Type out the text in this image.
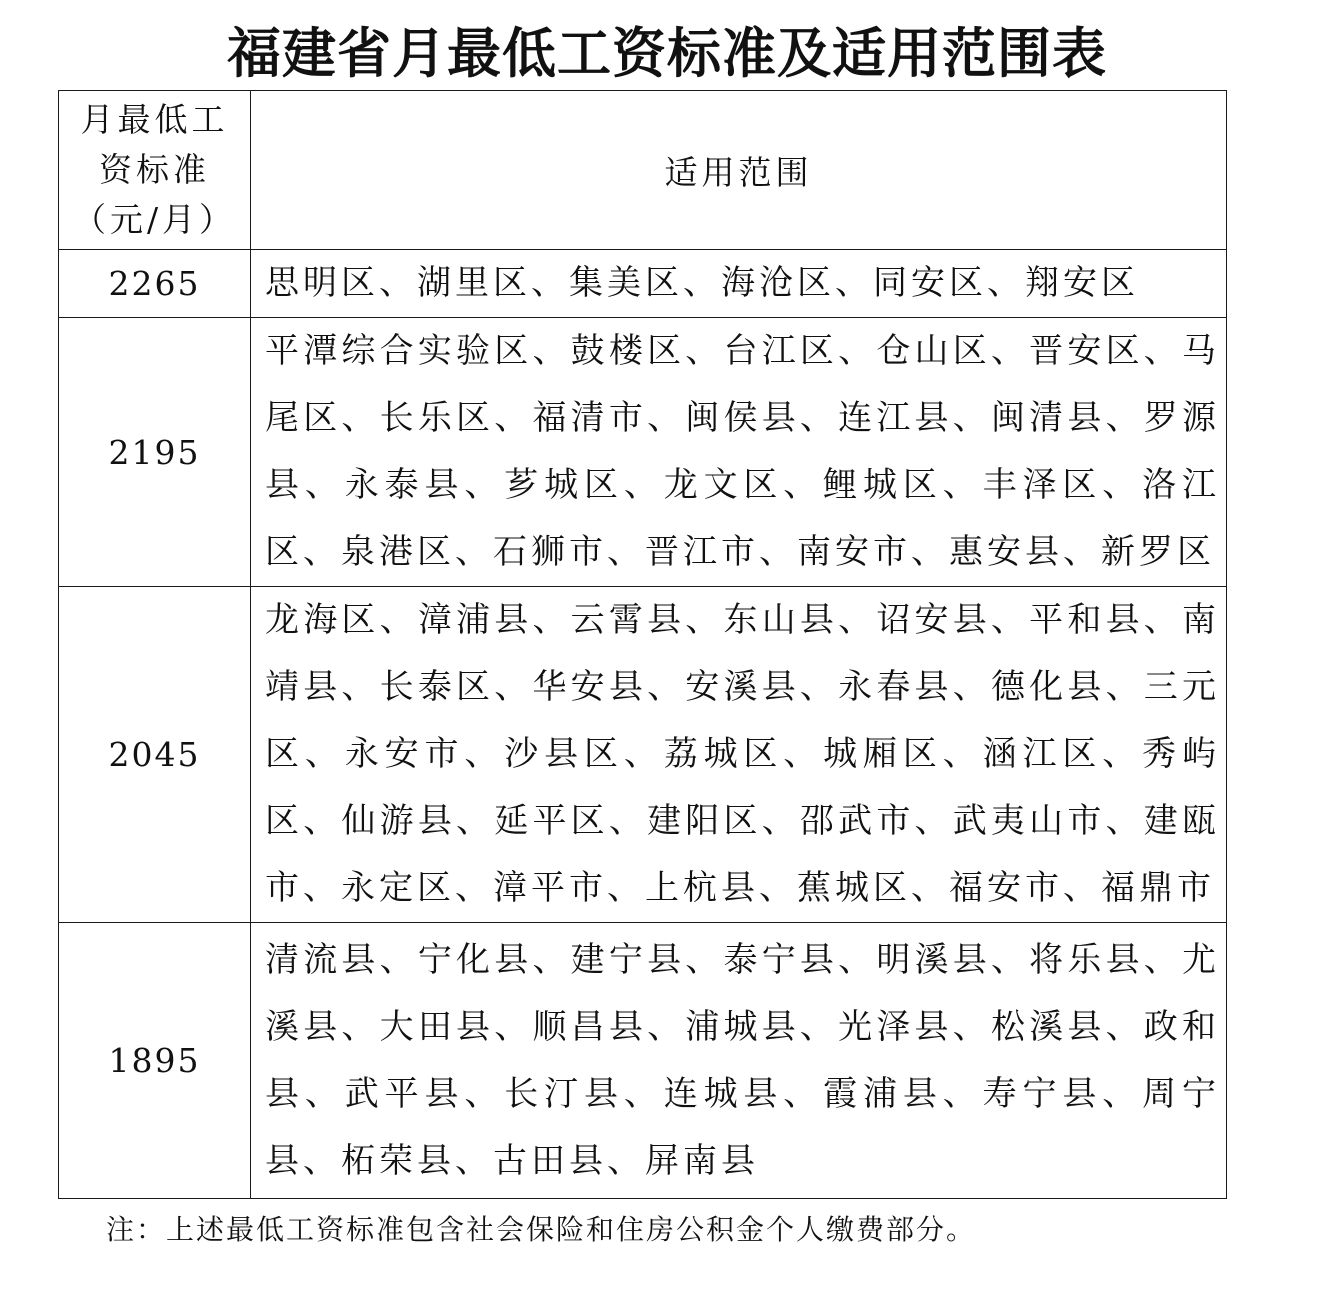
福建省月最低工资标准及适用范围表
月最低工
资标准
（元/月）	适用范围
2265	思明区、湖里区、集美区、海沧区、同安区、翔安区
2195	平潭综合实验区、鼓楼区、台江区、仓山区、晋安区、马尾区、长乐区、福清市、闽侯县、连江县、闽清县、罗源县、永泰县、芗城区、龙文区、鲤城区、丰泽区、洛江区、泉港区、石狮市、晋江市、南安市、惠安县、新罗区
2045	龙海区、漳浦县、云霄县、东山县、诏安县、平和县、南靖县、长泰区、华安县、安溪县、永春县、德化县、三元区、永安市、沙县区、荔城区、城厢区、涵江区、秀屿区、仙游县、延平区、建阳区、邵武市、武夷山市、建瓯市、永定区、漳平市、上杭县、蕉城区、福安市、福鼎市
1895	清流县、宁化县、建宁县、泰宁县、明溪县、将乐县、尤溪县、大田县、顺昌县、浦城县、光泽县、松溪县、政和县、武平县、长汀县、连城县、霞浦县、寿宁县、周宁县、柘荣县、古田县、屏南县
注：上述最低工资标准包含社会保险和住房公积金个人缴费部分。
